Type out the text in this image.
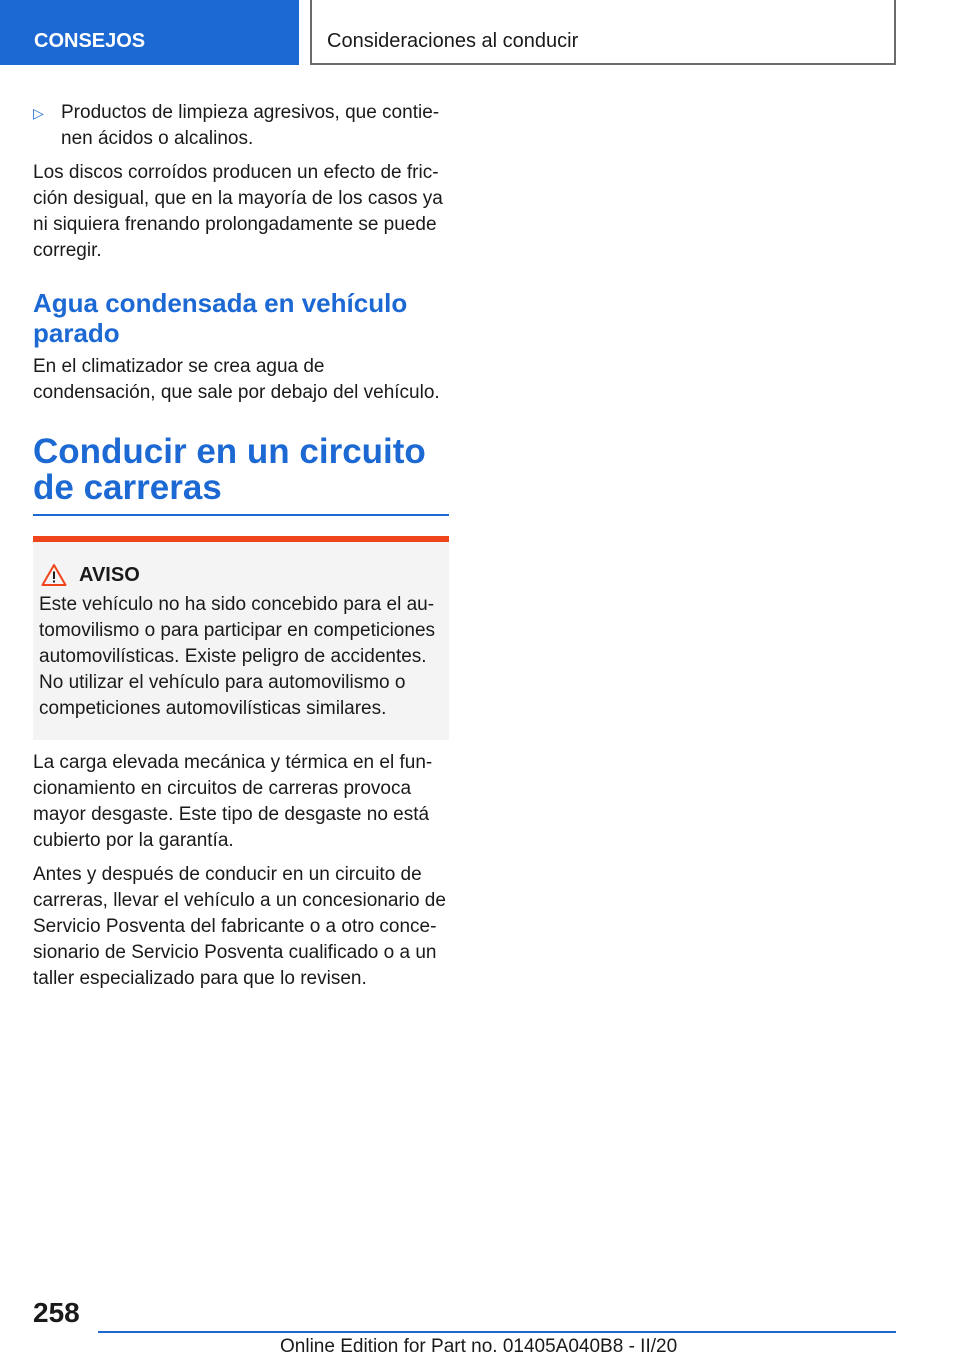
CONSEJOS	Consideraciones al conducir
▷ Productos de limpieza agresivos, que contienen ácidos o alcalinos.

Los discos corroídos producen un efecto de fricción desigual, que en la mayoría de los casos ya ni siquiera frenando prolongadamente se puede corregir.

Agua condensada en vehículo parado

En el climatizador se crea agua de condensación, que sale por debajo del vehículo.

Conducir en un circuito de carreras
AVISO
Este vehículo no ha sido concebido para el automovilismo o para participar en competiciones automovilísticas. Existe peligro de accidentes. No utilizar el vehículo para automovilismo o competiciones automovilísticas similares.

La carga elevada mecánica y térmica en el funcionamiento en circuitos de carreras provoca mayor desgaste. Este tipo de desgaste no está cubierto por la garantía.

Antes y después de conducir en un circuito de carreras, llevar el vehículo a un concesionario de Servicio Posventa del fabricante o a otro concesionario de Servicio Posventa cualificado o a un taller especializado para que lo revisen.

258
Online Edition for Part no. 01405A040B8 - II/20
